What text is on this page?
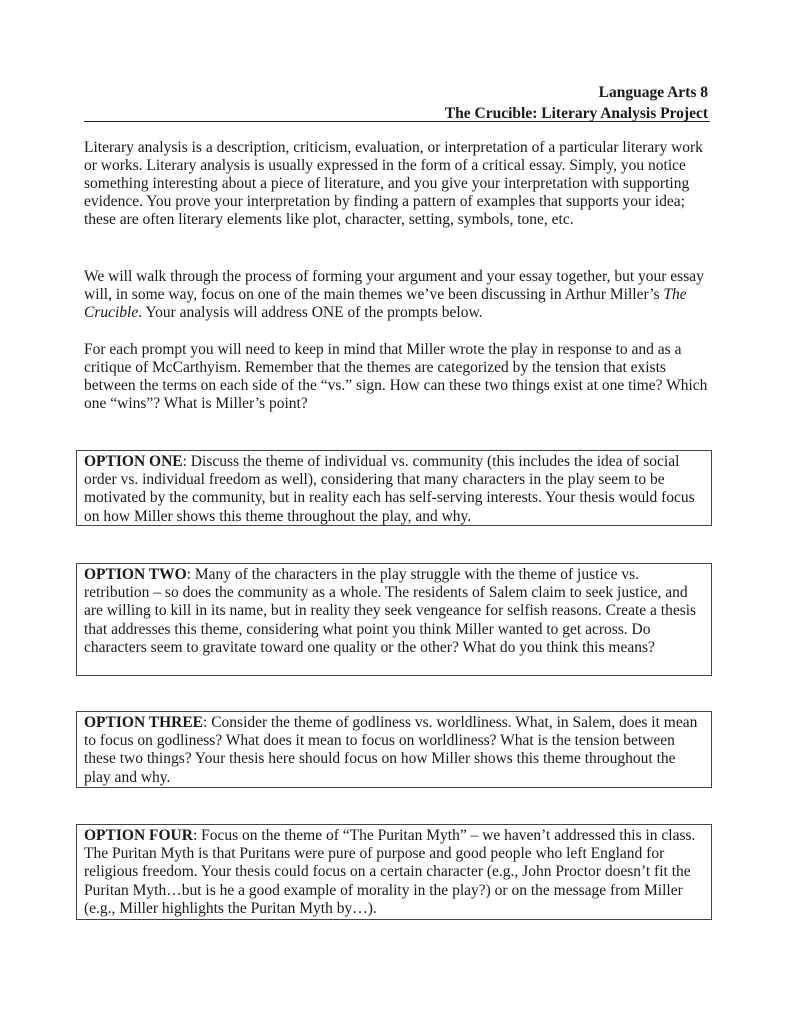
Language Arts 8
The Crucible: Literary Analysis Project

Literary analysis is a description, criticism, evaluation, or interpretation of a particular literary work or works. Literary analysis is usually expressed in the form of a critical essay. Simply, you notice something interesting about a piece of literature, and you give your interpretation with supporting evidence. You prove your interpretation by finding a pattern of examples that supports your idea; these are often literary elements like plot, character, setting, symbols, tone, etc.

We will walk through the process of forming your argument and your essay together, but your essay will, in some way, focus on one of the main themes we’ve been discussing in Arthur Miller’s The Crucible. Your analysis will address ONE of the prompts below.

For each prompt you will need to keep in mind that Miller wrote the play in response to and as a critique of McCarthyism. Remember that the themes are categorized by the tension that exists between the terms on each side of the “vs.” sign. How can these two things exist at one time? Which one “wins”? What is Miller’s point?

OPTION ONE: Discuss the theme of individual vs. community (this includes the idea of social order vs. individual freedom as well), considering that many characters in the play seem to be motivated by the community, but in reality each has self-serving interests. Your thesis would focus on how Miller shows this theme throughout the play, and why.
OPTION TWO: Many of the characters in the play struggle with the theme of justice vs. retribution – so does the community as a whole. The residents of Salem claim to seek justice, and are willing to kill in its name, but in reality they seek vengeance for selfish reasons. Create a thesis that addresses this theme, considering what point you think Miller wanted to get across. Do characters seem to gravitate toward one quality or the other? What do you think this means?
OPTION THREE: Consider the theme of godliness vs. worldliness. What, in Salem, does it mean to focus on godliness? What does it mean to focus on worldliness? What is the tension between these two things? Your thesis here should focus on how Miller shows this theme throughout the play and why.
OPTION FOUR: Focus on the theme of “The Puritan Myth” – we haven’t addressed this in class. The Puritan Myth is that Puritans were pure of purpose and good people who left England for religious freedom. Your thesis could focus on a certain character (e.g., John Proctor doesn’t fit the Puritan Myth…but is he a good example of morality in the play?) or on the message from Miller (e.g., Miller highlights the Puritan Myth by…).
